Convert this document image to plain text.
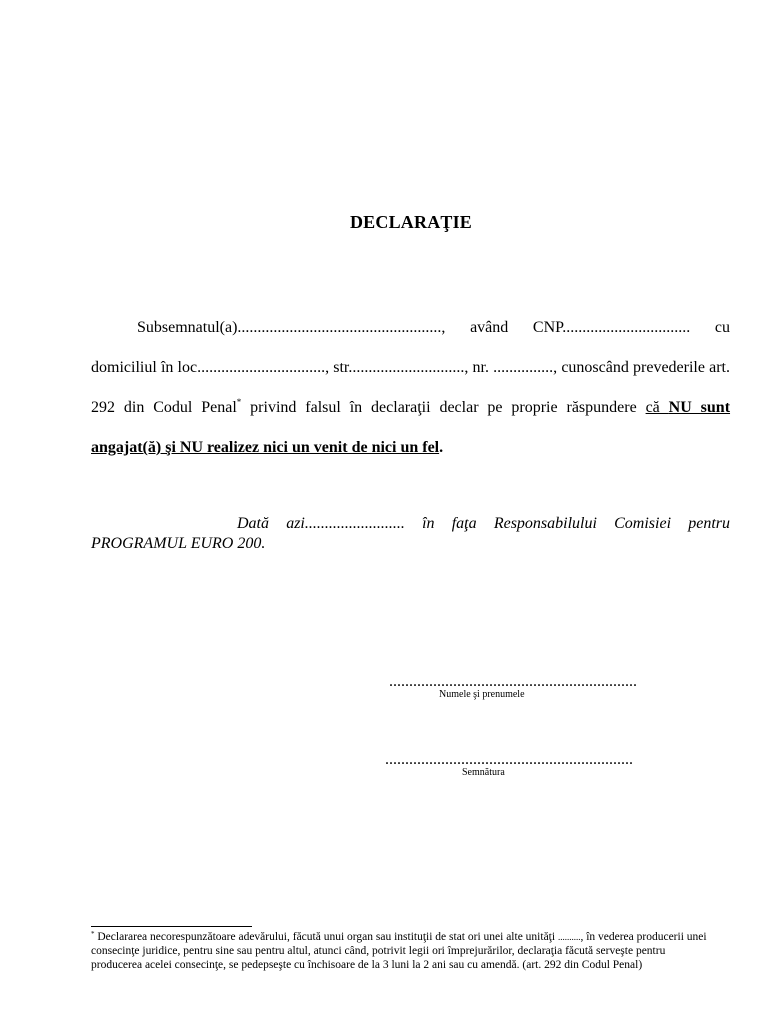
DECLARAŢIE

Subsemnatul(a)..................................................., având CNP................................ cu domiciliul în loc................................, str............................., nr. ..............., cunoscând prevederile art. 292 din Codul Penal* privind falsul în declaraţii declar pe proprie răspundere că NU sunt angajat(ă) şi NU realizez nici un venit de nici un fel.

Dată azi......................... în faţa Responsabilului Comisiei pentru PROGRAMUL EURO 200.

..............................................................
Numele şi prenumele
..............................................................
Semnătura
* Declararea necorespunzătoare adevărului, făcută unui organ sau instituţii de stat ori unei alte unităţi .........., în vederea producerii unei consecinţe juridice, pentru sine sau pentru altul, atunci când, potrivit legii ori împrejurărilor, declaraţia făcută serveşte pentru producerea acelei consecinţe, se pedepseşte cu închisoare de la 3 luni la 2 ani sau cu amendă. (art. 292 din Codul Penal)
